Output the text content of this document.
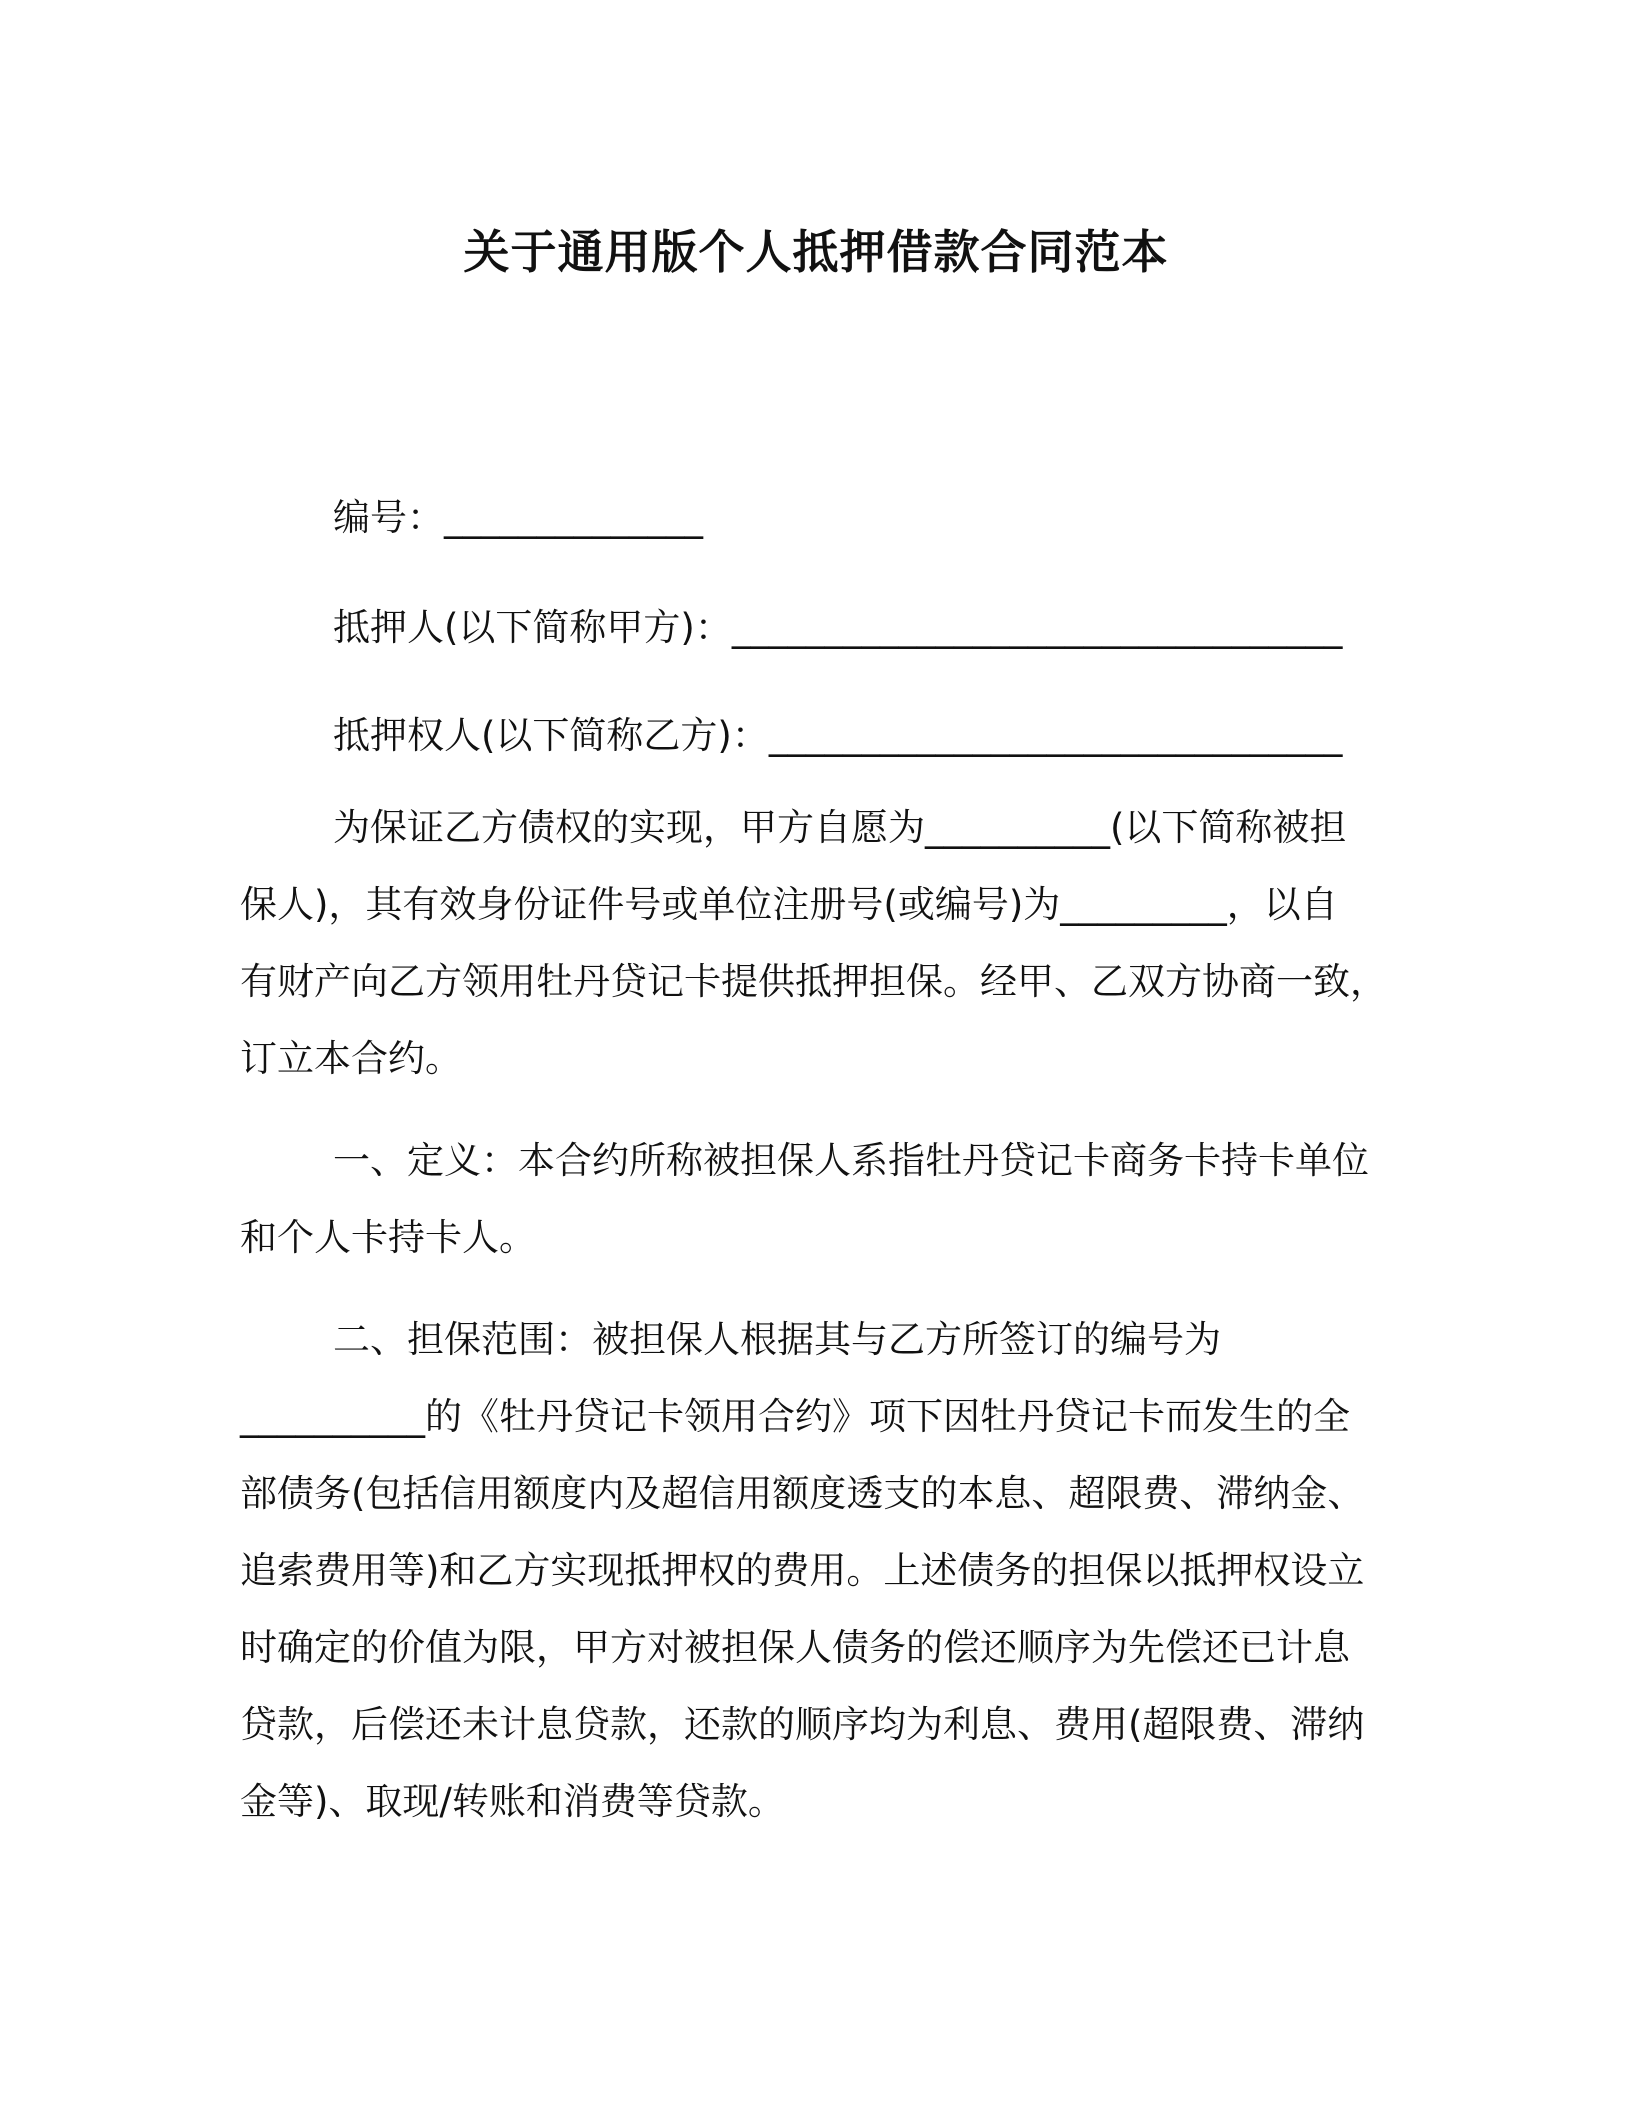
关于通用版个人抵押借款合同范本
编号：______________
抵押人(以下简称甲方)：_________________________________
抵押权人(以下简称乙方)：_______________________________
为保证乙方债权的实现，甲方自愿为__________(以下简称被担
保人)，其有效身份证件号或单位注册号(或编号)为_________，以自
有财产向乙方领用牡丹贷记卡提供抵押担保。经甲、乙双方协商一致，
订立本合约。
一、定义：本合约所称被担保人系指牡丹贷记卡商务卡持卡单位
和个人卡持卡人。
二、担保范围：被担保人根据其与乙方所签订的编号为
__________的《牡丹贷记卡领用合约》项下因牡丹贷记卡而发生的全
部债务(包括信用额度内及超信用额度透支的本息、超限费、滞纳金、
追索费用等)和乙方实现抵押权的费用。上述债务的担保以抵押权设立
时确定的价值为限，甲方对被担保人债务的偿还顺序为先偿还已计息
贷款，后偿还未计息贷款，还款的顺序均为利息、费用(超限费、滞纳
金等)、取现/转账和消费等贷款。
